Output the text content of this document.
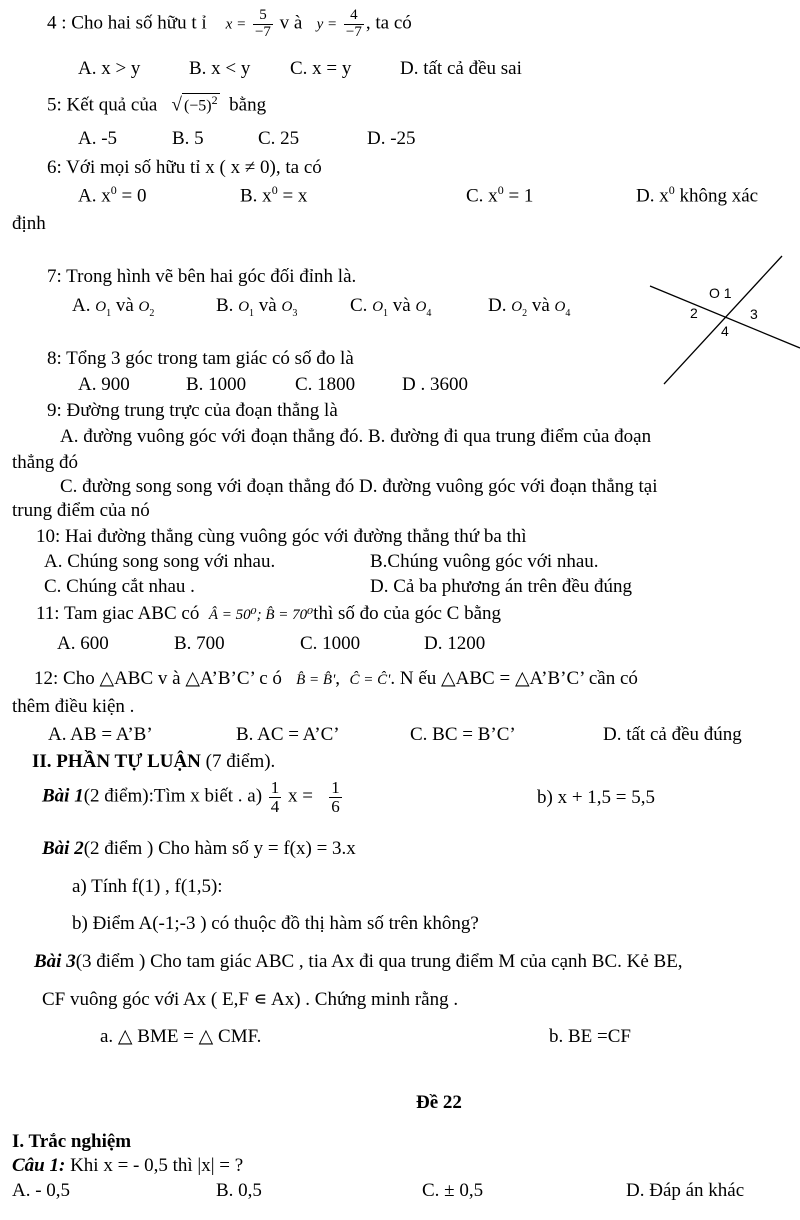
4 : Cho hai số hữu t ỉ $x = \frac{5}{-7}$ v à $y = \frac{4}{-7}$ , ta có
A. x > y	B. x < y C. x = y	D. tất cả đều sai
5: Kết quả của √ $(-5)^2$ bằng
A. -5	B. 5	C. 25	D. -25
6: Với mọi số hữu tỉ x ( x ≠ 0), ta có
A. $x^0 = 0$	B. $x^0 = x$	C. $x^0 = 1$	D. $x^0$ không xác
định
7: Trong hình vẽ bên hai góc đối đỉnh là.
A. $O_1$ và $O_2$	B. $O_1$ và $O_3$	C. $O_1$ và $O_4$	D. $O_2$ và $O_4$
O 1
2	3
4
8: Tổng 3 góc trong tam giác có số đo là
A. 900	B. 1000	C. 1800 D . 3600
9: Đường trung trực của đoạn thẳng là
A. đường vuông góc với đoạn thẳng đó. B. đường đi qua trung điểm của đoạn
thẳng đó
C. đường song song với đoạn thẳng đó D. đường vuông góc với đoạn thẳng tại
trung điểm của nó
10: Hai đường thẳng cùng vuông góc với đường thẳng thứ ba thì
A. Chúng song song với nhau.	B.Chúng vuông góc với nhau.
C. Chúng cắt nhau .	D. Cả ba phương án trên đều đúng
11: Tam giac ABC có Â = 50⁰; B̂ = 70⁰thì số đo của góc C bằng
A. 600	B. 700	C. 1000	D. 1200
12: Cho △ABC v à △A’B’C’ c ó B̂ = B̂', Ĉ = Ĉ'. N ếu △ABC = △A’B’C’ cần có
thêm điều kiện .
A. AB = A’B’	B. AC = A’C’	C. BC = B’C’	D. tất cả đều đúng
II. PHẦN TỰ LUẬN (7 điểm).
Bài 1(2 điểm):Tìm x biết . $a) \frac{1}{4}$ $x = \frac{1}{6}$	b) x + 1,5 = 5,5
Bài 2(2 điểm ) Cho hàm số y = f(x) = 3.x
a) Tính f(1) , f(1,5):
b) Điểm A(-1;-3 ) có thuộc đồ thị hàm số trên không?
Bài 3(3 điểm ) Cho tam giác ABC , tia Ax đi qua trung điểm M của cạnh BC. Kẻ BE,
CF vuông góc với Ax ( E,F ∊ Ax) . Chứng minh rằng .
a. △ BME = △ CMF.	b. BE =CF
Đề 22
I. Trắc nghiệm
Câu 1: Khi x = - 0,5 thì |x| = ?
A. - 0,5	B. 0,5	C. ± 0,5	D. Đáp án khác
